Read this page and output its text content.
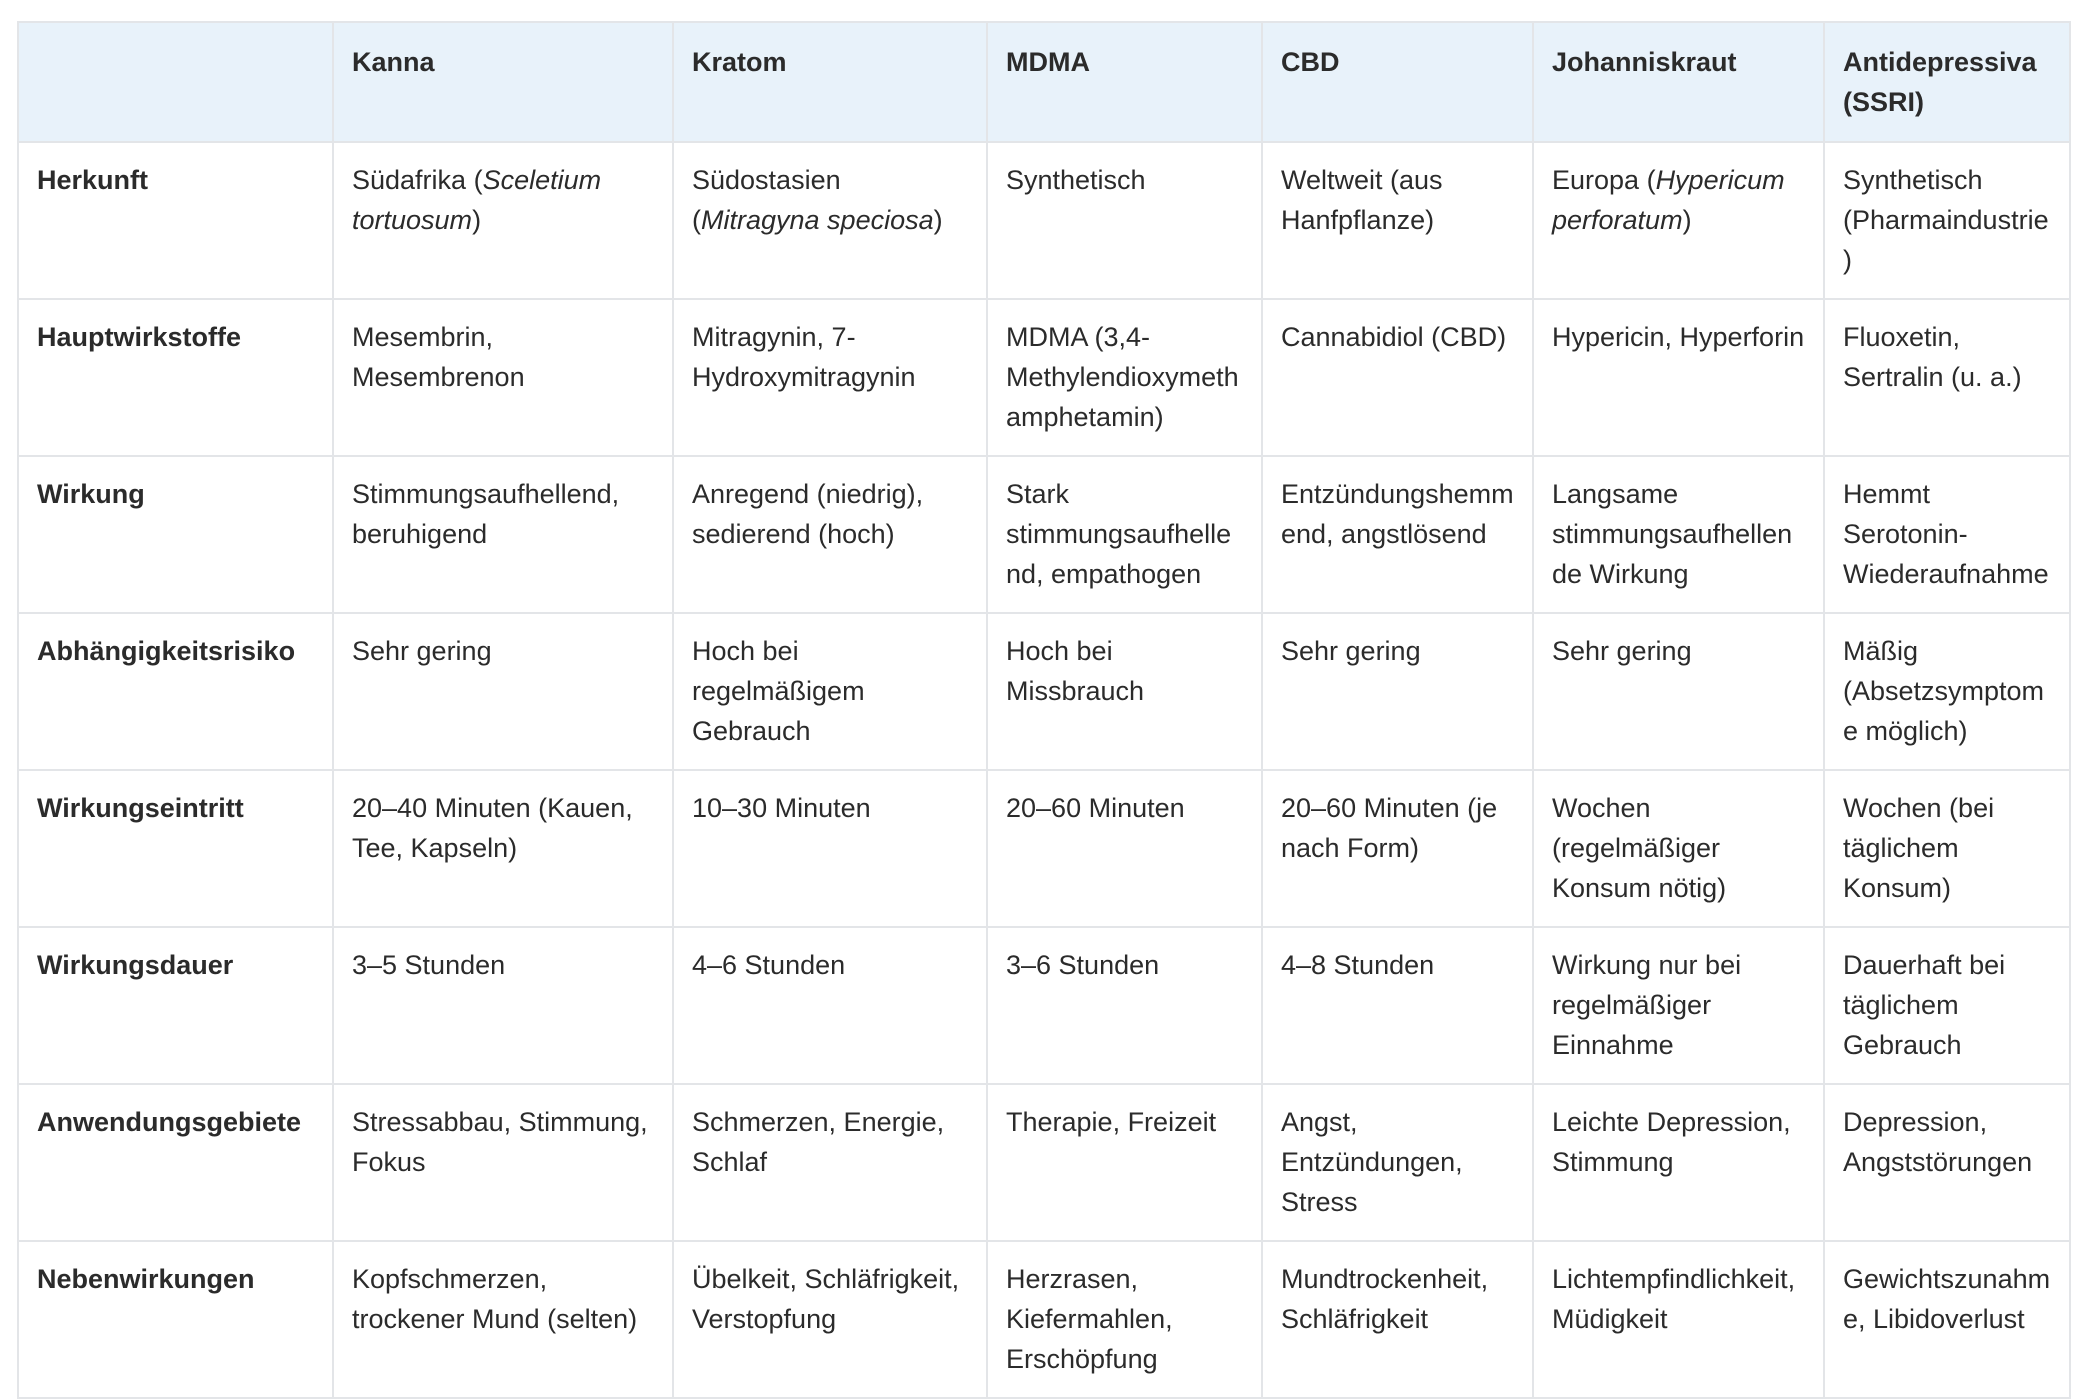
	Kanna	Kratom	MDMA	CBD	Johanniskraut	Antidepressiva (SSRI)
Herkunft	Südafrika (Sceletium tortuosum)	Südostasien (Mitragyna speciosa)	Synthetisch	Weltweit (aus Hanfpflanze)	Europa (Hypericum perforatum)	Synthetisch (Pharmaindustrie)
Hauptwirkstoffe	Mesembrin, Mesembrenon	Mitragynin, 7-Hydroxymitragynin	MDMA (3,4-Methylendioxymethamphetamin)	Cannabidiol (CBD)	Hypericin, Hyperforin	Fluoxetin, Sertralin (u. a.)
Wirkung	Stimmungsaufhellend, beruhigend	Anregend (niedrig), sedierend (hoch)	Stark stimmungsaufhellend, empathogen	Entzündungshemmend, angstlösend	Langsame stimmungsaufhellende Wirkung	Hemmt Serotonin-Wiederaufnahme
Abhängigkeitsrisiko	Sehr gering	Hoch bei regelmäßigem Gebrauch	Hoch bei Missbrauch	Sehr gering	Sehr gering	Mäßig (Absetzsymptome möglich)
Wirkungseintritt	20–40 Minuten (Kauen, Tee, Kapseln)	10–30 Minuten	20–60 Minuten	20–60 Minuten (je nach Form)	Wochen (regelmäßiger Konsum nötig)	Wochen (bei täglichem Konsum)
Wirkungsdauer	3–5 Stunden	4–6 Stunden	3–6 Stunden	4–8 Stunden	Wirkung nur bei regelmäßiger Einnahme	Dauerhaft bei täglichem Gebrauch
Anwendungsgebiete	Stressabbau, Stimmung, Fokus	Schmerzen, Energie, Schlaf	Therapie, Freizeit	Angst, Entzündungen, Stress	Leichte Depression, Stimmung	Depression, Angststörungen
Nebenwirkungen	Kopfschmerzen, trockener Mund (selten)	Übelkeit, Schläfrigkeit, Verstopfung	Herzrasen, Kiefermahlen, Erschöpfung	Mundtrockenheit, Schläfrigkeit	Lichtempfindlichkeit, Müdigkeit	Gewichtszunahme, Libidoverlust
